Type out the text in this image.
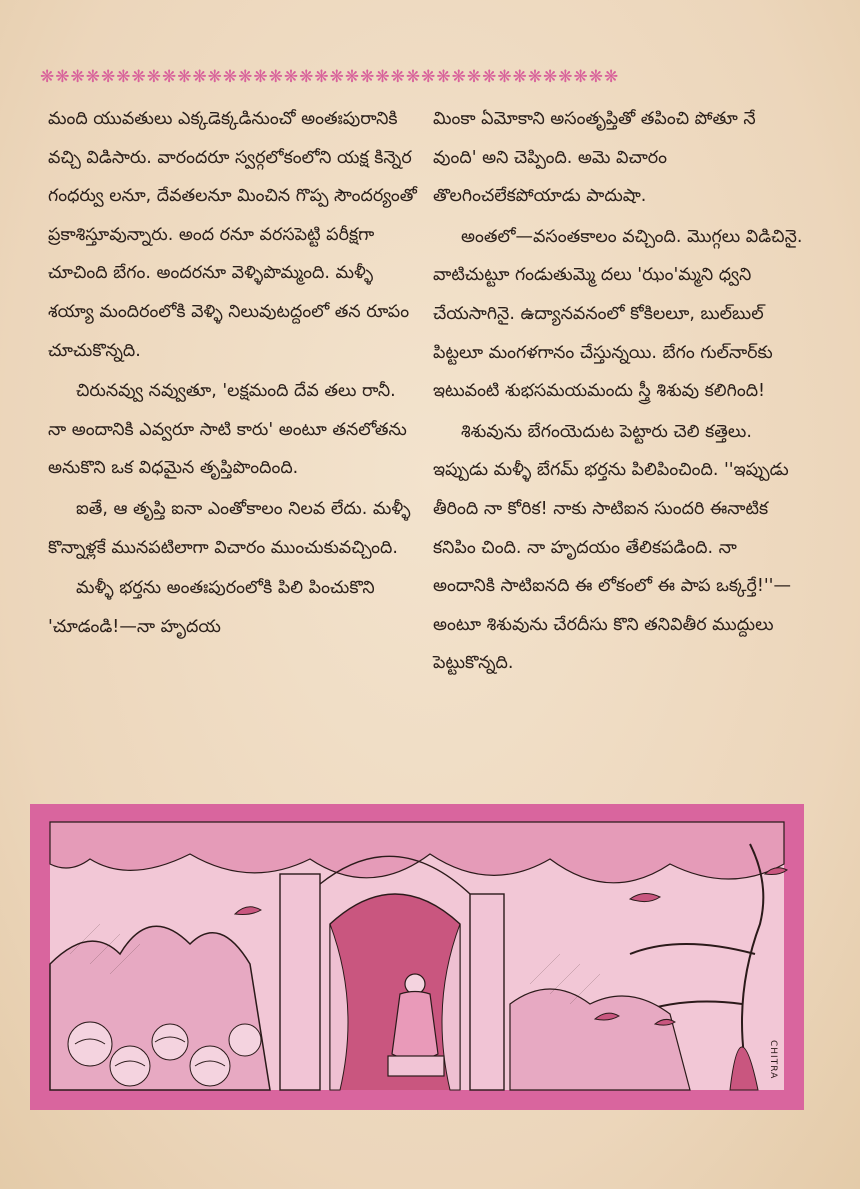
❋❋❋❋❋❋❋❋❋❋❋❋❋❋❋❋❋❋❋❋❋❋❋❋❋❋❋❋❋❋❋❋❋❋❋❋❋❋

మంది యువతులు ఎక్కడెక్కడినుంచో అంతఃపురానికి వచ్చి విడిసారు. వారందరూ స్వర్గలోకంలోని యక్ష కిన్నెర గంధర్వు లనూ, దేవతలనూ మించిన గొప్ప సౌందర్యంతో ప్రకాశిస్తూవున్నారు. అంద రనూ వరసపెట్టి పరీక్షగా చూచింది బేగం. అందరనూ వెళ్ళిపొమ్మంది. మళ్ళీ శయ్యా మందిరంలోకి వెళ్ళి నిలువుటద్దంలో తన రూపం చూచుకొన్నది.

చిరునవ్వు నవ్వుతూ, 'లక్షమంది దేవ తలు రానీ. నా అందానికి ఎవ్వరూ సాటి కారు' అంటూ తనలోతను అనుకొని ఒక విధమైన తృప్తిపొందింది.

ఐతే, ఆ తృప్తి ఐనా ఎంతోకాలం నిలవ లేదు. మళ్ళీ కొన్నాళ్లకే మునపటిలాగా విచారం ముంచుకువచ్చింది.

మళ్ళీ భర్తను అంతఃపురంలోకి పిలి పించుకొని 'చూడండి!—నా హృదయ

మింకా ఏమోకాని అసంతృప్తితో తపించి పోతూ నే వుంది' అని చెప్పింది. అమె విచారం తొలగించలేకపోయాడు పాదుషా.

అంతలో—వసంతకాలం వచ్చింది. మొగ్గలు విడిచినై. వాటిచుట్టూ గండుతుమ్మె దలు 'ఝం'మ్మని ధ్వని చేయసాగినై. ఉద్యానవనంలో కోకిలలూ, బుల్‌బుల్ పిట్టలూ మంగళగానం చేస్తున్నయి. బేగం గుల్‌నార్‌కు ఇటువంటి శుభసమయమందు స్త్రీ శిశువు కలిగింది!

శిశువును బేగంయెదుట పెట్టారు చెలి కత్తెలు. ఇప్పుడు మళ్ళీ బేగమ్ భర్తను పిలిపించింది. ''ఇప్పుడు తీరింది నా కోరిక! నాకు సాటిఐన సుందరి ఈనాటిక కనిపిం చింది. నా హృదయం తేలికపడింది. నా అందానికి సాటిఐనది ఈ లోకంలో ఈ పాప ఒక్కర్తే!''—అంటూ శిశువును చేరదీసు కొని తనివితీర ముద్దులు పెట్టుకొన్నది.

CHITRA
